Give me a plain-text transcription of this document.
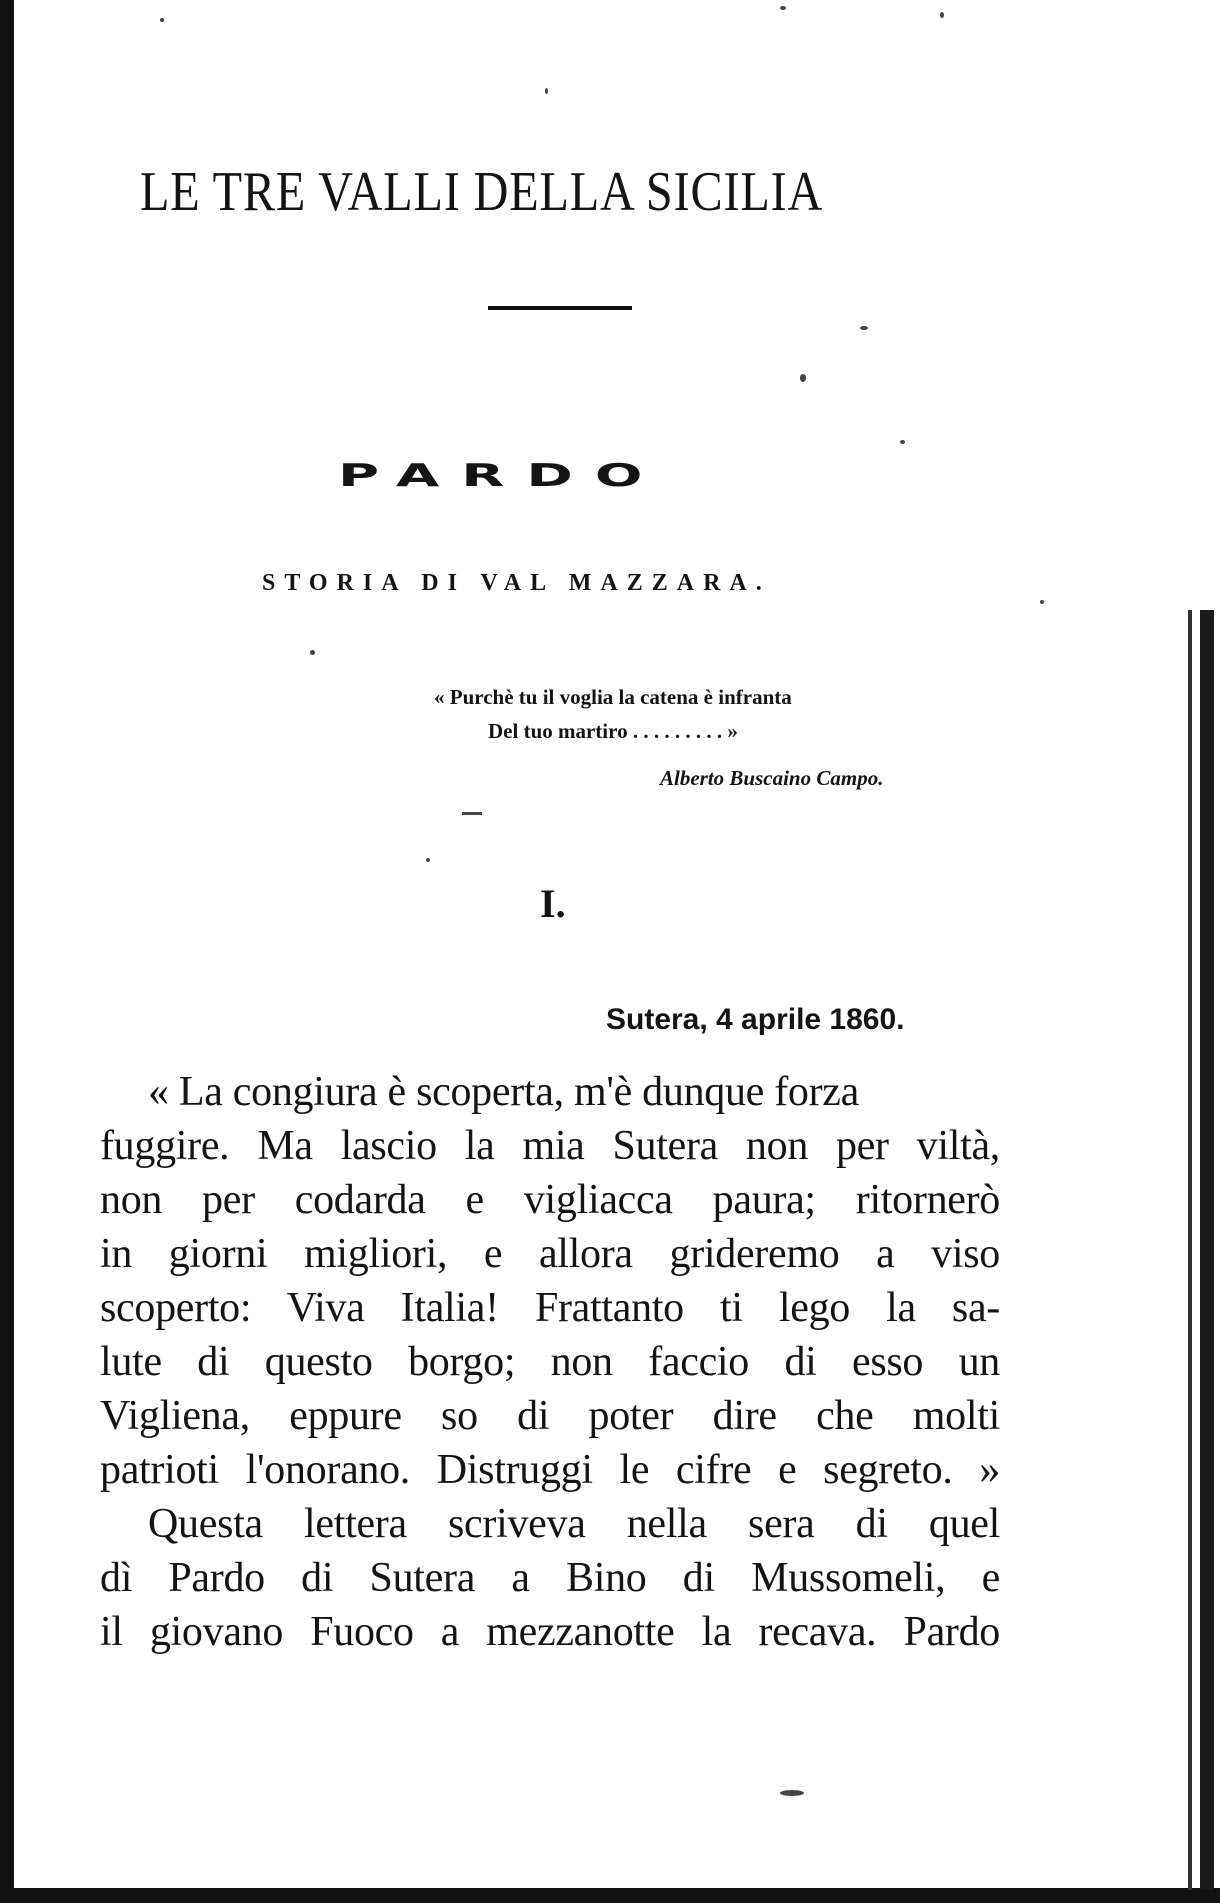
LE TRE VALLI DELLA SICILIA
PARDO
STORIA DI VAL MAZZARA.
« Purchè tu il voglia la catena è infranta
Del tuo martiro . . . . . . . . . »
Alberto Buscaino Campo.
I.
Sutera, 4 aprile 1860.
« La congiura è scoperta, m'è dunque forza
fuggire. Ma lascio la mia Sutera non per viltà,
non per codarda e vigliacca paura; ritornerò
in giorni migliori, e allora grideremo a viso
scoperto: Viva Italia! Frattanto ti lego la sa-
lute di questo borgo; non faccio di esso un
Vigliena, eppure so di poter dire che molti
patrioti l'onorano. Distruggi le cifre e segreto. »
Questa lettera scriveva nella sera di quel
dì Pardo di Sutera a Bino di Mussomeli, e
il giovano Fuoco a mezzanotte la recava. Pardo
